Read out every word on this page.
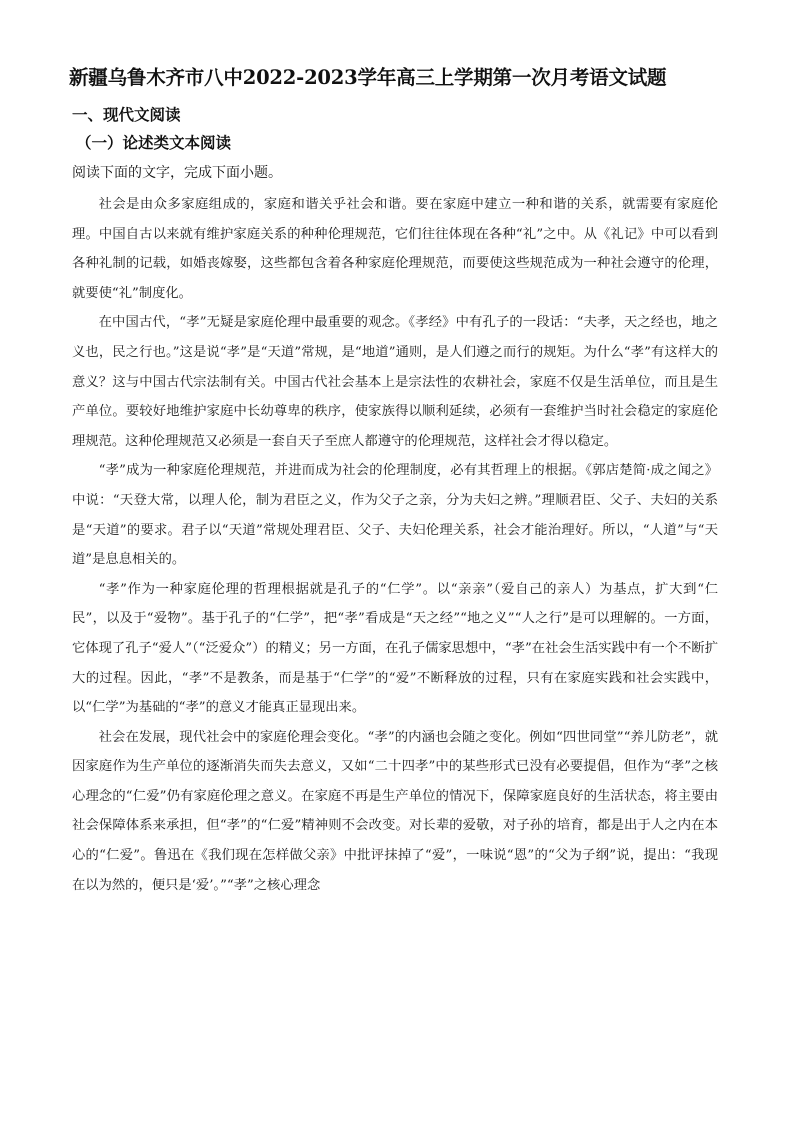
新疆乌鲁木齐市八中2022-2023学年高三上学期第一次月考语文试题
一、现代文阅读
（一）论述类文本阅读
阅读下面的文字，完成下面小题。

社会是由众多家庭组成的，家庭和谐关乎社会和谐。要在家庭中建立一种和谐的关系，就需要有家庭伦理。中国自古以来就有维护家庭关系的种种伦理规范，它们往往体现在各种“礼”之中。从《礼记》中可以看到各种礼制的记载，如婚丧嫁娶，这些都包含着各种家庭伦理规范，而要使这些规范成为一种社会遵守的伦理，就要使“礼”制度化。

在中国古代，“孝”无疑是家庭伦理中最重要的观念。《孝经》中有孔子的一段话：“夫孝，天之经也，地之义也，民之行也。”这是说“孝”是“天道”常规，是“地道”通则，是人们遵之而行的规矩。为什么“孝”有这样大的意义？这与中国古代宗法制有关。中国古代社会基本上是宗法性的农耕社会，家庭不仅是生活单位，而且是生产单位。要较好地维护家庭中长幼尊卑的秩序，使家族得以顺利延续，必须有一套维护当时社会稳定的家庭伦理规范。这种伦理规范又必须是一套自天子至庶人都遵守的伦理规范，这样社会才得以稳定。

“孝”成为一种家庭伦理规范，并进而成为社会的伦理制度，必有其哲理上的根据。《郭店楚简·成之闻之》中说：“天登大常，以理人伦，制为君臣之义，作为父子之亲，分为夫妇之辨。”理顺君臣、父子、夫妇的关系是“天道”的要求。君子以“天道”常规处理君臣、父子、夫妇伦理关系，社会才能治理好。所以，“人道”与“天道”是息息相关的。

“孝”作为一种家庭伦理的哲理根据就是孔子的“仁学”。以“亲亲”（爱自己的亲人）为基点，扩大到“仁民”，以及于“爱物”。基于孔子的“仁学”，把“孝”看成是“天之经”“地之义”“人之行”是可以理解的。一方面，它体现了孔子“爱人”（“泛爱众”）的精义；另一方面，在孔子儒家思想中，“孝”在社会生活实践中有一个不断扩大的过程。因此，“孝”不是教条，而是基于“仁学”的“爱”不断释放的过程，只有在家庭实践和社会实践中，以“仁学”为基础的“孝”的意义才能真正显现出来。

社会在发展，现代社会中的家庭伦理会变化。“孝”的内涵也会随之变化。例如“四世同堂”“养儿防老”，就因家庭作为生产单位的逐渐消失而失去意义，又如“二十四孝”中的某些形式已没有必要提倡，但作为“孝”之核心理念的“仁爱”仍有家庭伦理之意义。在家庭不再是生产单位的情况下，保障家庭良好的生活状态，将主要由社会保障体系来承担，但“孝”的“仁爱”精神则不会改变。对长辈的爱敬，对子孙的培育，都是出于人之内在本心的“仁爱”。鲁迅在《我们现在怎样做父亲》中批评抹掉了“爱”，一味说“恩”的“父为子纲”说，提出：“我现在以为然的，便只是‘爱’。”“孝”之核心理念
